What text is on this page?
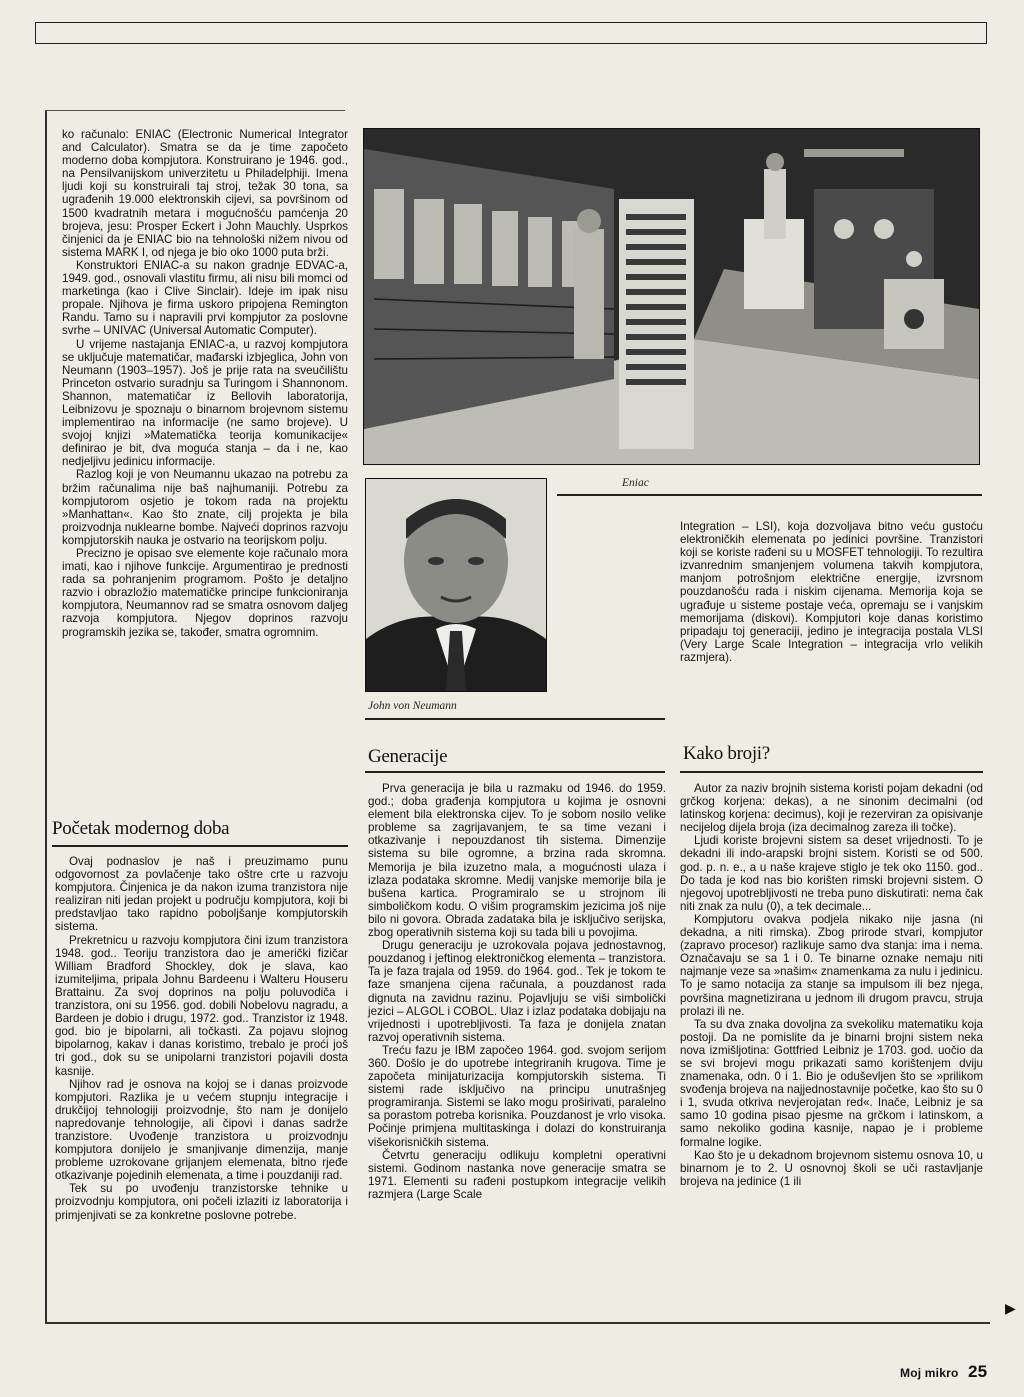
ko računalo: ENIAC (Electronic Numerical Integrator and Calculator). Smatra se da je time započeto moderno doba kompjutora. Konstruirano je 1946. god., na Pensilvanijskom univerzitetu u Philadelphiji. Imena ljudi koji su konstruirali taj stroj, težak 30 tona, sa ugrađenih 19.000 elektronskih cijevi, sa površinom od 1500 kvadratnih metara i mogućnošću pamćenja 20 brojeva, jesu: Prosper Eckert i John Mauchly. Usprkos činjenici da je ENIAC bio na tehnološki nižem nivou od sistema MARK I, od njega je bio oko 1000 puta brži.

Konstruktori ENIAC-a su nakon gradnje EDVAC-a, 1949. god., osnovali vlastitu firmu, ali nisu bili momci od marketinga (kao i Clive Sinclair). Ideje im ipak nisu propale. Njihova je firma uskoro pripojena Remington Randu. Tamo su i napravili prvi kompjutor za poslovne svrhe – UNIVAC (Universal Automatic Computer).

U vrijeme nastajanja ENIAC-a, u razvoj kompjutora se uključuje matematičar, mađarski izbjeglica, John von Neumann (1903–1957). Još je prije rata na sveučilištu Princeton ostvario suradnju sa Turingom i Shannonom. Shannon, matematičar iz Bellovih laboratorija, Leibnizovu je spoznaju o binarnom brojevnom sistemu implementirao na informacije (ne samo brojeve). U svojoj knjizi »Matematička teorija komunikacije« definirao je bit, dva moguća stanja – da i ne, kao nedjeljivu jedinicu informacije.

Razlog koji je von Neumannu ukazao na potrebu za bržim računalima nije baš najhumaniji. Potrebu za kompjutorom osjetio je tokom rada na projektu »Manhattan«. Kao što znate, cilj projekta je bila proizvodnja nuklearne bombe. Najveći doprinos razvoju kompjutorskih nauka je ostvario na teorijskom polju.

Precizno je opisao sve elemente koje računalo mora imati, kao i njihove funkcije. Argumentirao je prednosti rada sa pohranjenim programom. Pošto je detaljno razvio i obrazložio matematičke principe funkcioniranja kompjutora, Neumannov rad se smatra osnovom daljeg razvoja kompjutora. Njegov doprinos razvoju programskih jezika se, također, smatra ogromnim.

Početak modernog doba

Ovaj podnaslov je naš i preuzimamo punu odgovornost za povlačenje tako oštre crte u razvoju kompjutora. Činjenica je da nakon izuma tranzistora nije realiziran niti jedan projekt u području kompjutora, koji bi predstavljao tako rapidno poboljšanje kompjutorskih sistema.

Prekretnicu u razvoju kompjutora čini izum tranzistora 1948. god.. Teoriju tranzistora dao je američki fizičar William Bradford Shockley, dok je slava, kao izumiteljima, pripala Johnu Bardeenu i Walteru Houseru Brattainu. Za svoj doprinos na polju poluvodiča i tranzistora, oni su 1956. god. dobili Nobelovu nagradu, a Bardeen je dobio i drugu, 1972. god.. Tranzistor iz 1948. god. bio je bipolarni, ali točkasti. Za pojavu slojnog bipolarnog, kakav i danas koristimo, trebalo je proći još tri god., dok su se unipolarni tranzistori pojavili dosta kasnije.

Njihov rad je osnova na kojoj se i danas proizvode kompjutori. Razlika je u većem stupnju integracije i drukčijoj tehnologiji proizvodnje, što nam je donijelo napredovanje tehnologije, ali čipovi i danas sadrže tranzistore. Uvođenje tranzistora u proizvodnju kompjutora donijelo je smanjivanje dimenzija, manje probleme uzrokovane grijanjem elemenata, bitno rjeđe otkazivanje pojedinih elemenata, a time i pouzdaniji rad.

Tek su po uvođenju tranzistorske tehnike u proizvodnju kompjutora, oni počeli izlaziti iz laboratorija i primjenjivati se za konkretne poslovne potrebe.

Eniac
John von Neumann

Integration – LSI), koja dozvoljava bitno veću gustoću elektroničkih elemenata po jedinici površine. Tranzistori koji se koriste rađeni su u MOSFET tehnologiji. To rezultira izvanrednim smanjenjem volumena takvih kompjutora, manjom potrošnjom električne energije, izvrsnom pouzdanošću rada i niskim cijenama. Memorija koja se ugrađuje u sisteme postaje veća, opremaju se i vanjskim memorijama (diskovi). Kompjutori koje danas koristimo pripadaju toj generaciji, jedino je integracija postala VLSI (Very Large Scale Integration – integracija vrlo velikih razmjera).

Generacije

Prva generacija je bila u razmaku od 1946. do 1959. god.; doba građenja kompjutora u kojima je osnovni element bila elektronska cijev. To je sobom nosilo velike probleme sa zagrijavanjem, te sa time vezani i otkazivanje i nepouzdanost tih sistema. Dimenzije sistema su bile ogromne, a brzina rada skromna. Memorija je bila izuzetno mala, a mogućnosti ulaza i izlaza podataka skromne. Medij vanjske memorije bila je bušena kartica. Programiralo se u strojnom ili simboličkom kodu. O višim programskim jezicima još nije bilo ni govora. Obrada zadataka bila je isključivo serijska, zbog operativnih sistema koji su tada bili u povojima.

Drugu generaciju je uzrokovala pojava jednostavnog, pouzdanog i jeftinog elektroničkog elementa – tranzistora. Ta je faza trajala od 1959. do 1964. god.. Tek je tokom te faze smanjena cijena računala, a pouzdanost rada dignuta na zavidnu razinu. Pojavljuju se viši simbolički jezici – ALGOL i COBOL. Ulaz i izlaz podataka dobijaju na vrijednosti i upotrebljivosti. Ta faza je donijela znatan razvoj operativnih sistema.

Treću fazu je IBM započeo 1964. god. svojom serijom 360. Došlo je do upotrebe integriranih krugova. Time je započeta minijaturizacija kompjutorskih sistema. Ti sistemi rade isključivo na principu unutrašnjeg programiranja. Sistemi se lako mogu proširivati, paralelno sa porastom potreba korisnika. Pouzdanost je vrlo visoka. Počinje primjena multitaskinga i dolazi do konstruiranja višekorisničkih sistema.

Četvrtu generaciju odlikuju kompletni operativni sistemi. Godinom nastanka nove generacije smatra se 1971. Elementi su rađeni postupkom integracije velikih razmjera (Large Scale

Kako broji?

Autor za naziv brojnih sistema koristi pojam dekadni (od grčkog korjena: dekas), a ne sinonim decimalni (od latinskog korjena: decimus), koji je rezerviran za opisivanje necijelog dijela broja (iza decimalnog zareza ili točke).

Ljudi koriste brojevni sistem sa deset vrijednosti. To je dekadni ili indo-arapski brojni sistem. Koristi se od 500. god. p. n. e., a u naše krajeve stiglo je tek oko 1150. god.. Do tada je kod nas bio korišten rimski brojevni sistem. O njegovoj upotrebljivosti ne treba puno diskutirati: nema čak niti znak za nulu (0), a tek decimale...

Kompjutoru ovakva podjela nikako nije jasna (ni dekadna, a niti rimska). Zbog prirode stvari, kompjutor (zapravo procesor) razlikuje samo dva stanja: ima i nema. Označavaju se sa 1 i 0. Te binarne oznake nemaju niti najmanje veze sa »našim« znamenkama za nulu i jedinicu. To je samo notacija za stanje sa impulsom ili bez njega, površina magnetizirana u jednom ili drugom pravcu, struja prolazi ili ne.

Ta su dva znaka dovoljna za svekoliku matematiku koja postoji. Da ne pomislite da je binarni brojni sistem neka nova izmišljotina: Gottfried Leibniz je 1703. god. uočio da se svi brojevi mogu prikazati samo korištenjem dviju znamenaka, odn. 0 i 1. Bio je oduševljen što se »prilikom svođenja brojeva na najjednostavnije početke, kao što su 0 i 1, svuda otkriva nevjerojatan red«. Inače, Leibniz je sa samo 10 godina pisao pjesme na grčkom i latinskom, a samo nekoliko godina kasnije, napao je i probleme formalne logike.

Kao što je u dekadnom brojevnom sistemu osnova 10, u binarnom je to 2. U osnovnoj školi se uči rastavljanje brojeva na jedinice (1 ili

▶
Moj mikro 25
